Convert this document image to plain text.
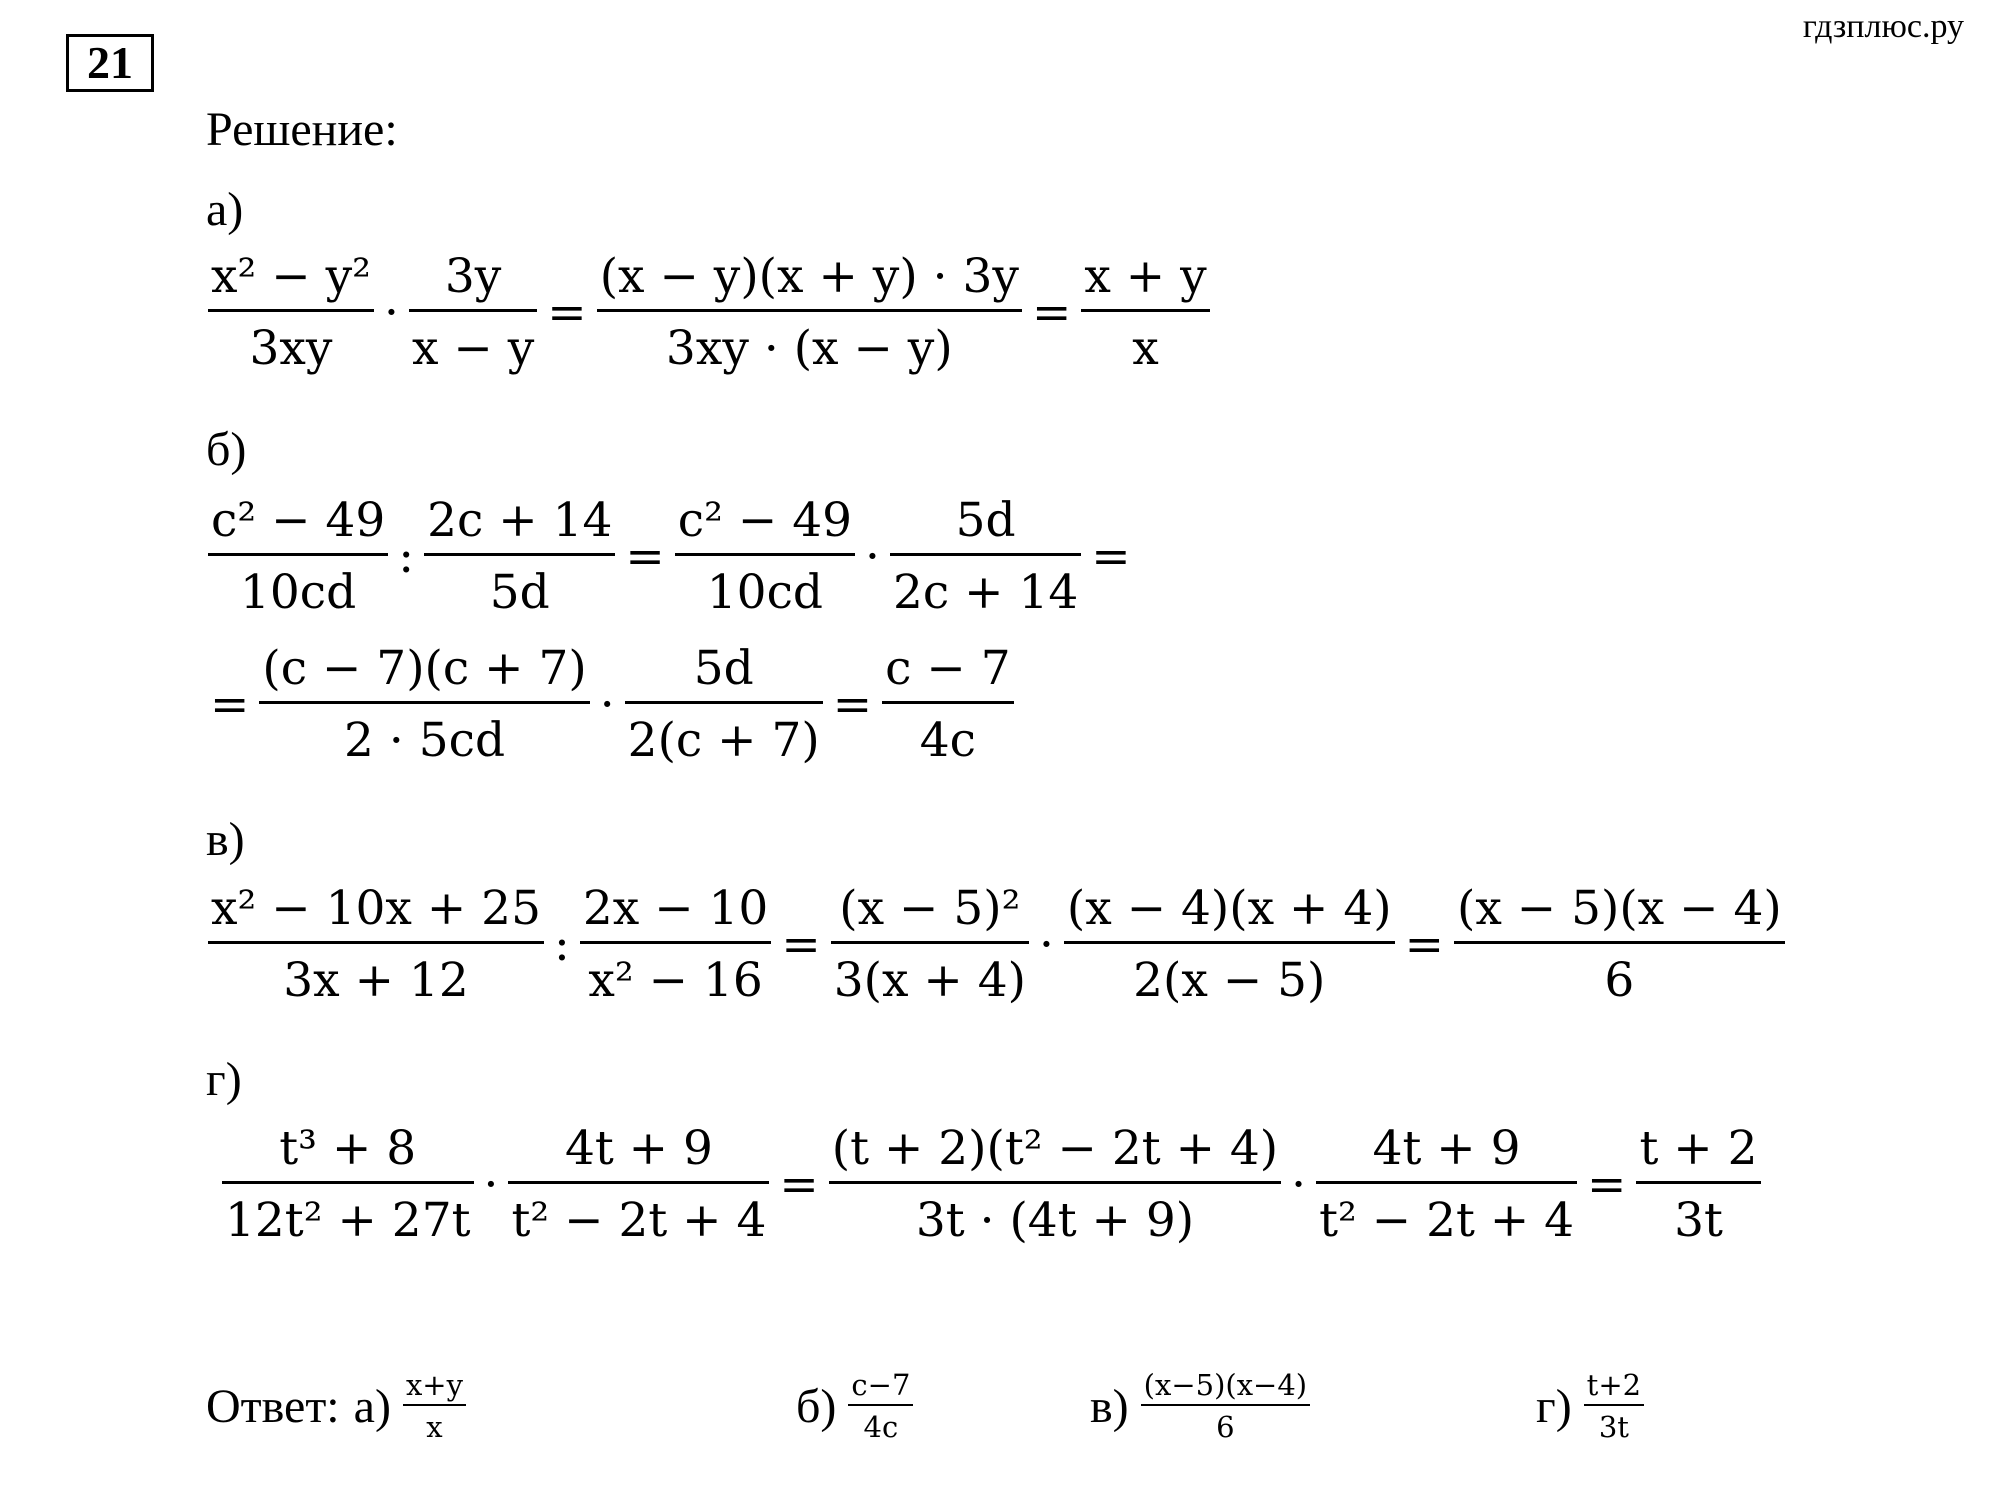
21
гдзплюс.ру
Решение:
а)
$\frac{\text{x² − y²}}{3xy} \cdot \frac{3y}{x - y} = \frac{(x - y)(x + y) \cdot 3y}{3xy \cdot (x - y)} = \frac{x + y}{x}$
б)
$\frac{\text{c² − 49}}{10cd}$ : $\frac{2c + 14}{5d} = \frac{\text{c² − 49}}{10cd} \cdot \frac{5d}{2c + 14}$ =
= $\frac{(c - 7)(c + 7)}{2 \cdot 5cd} \cdot \frac{5d}{2(c + 7)} = \frac{c - 7}{4c}$
в)
$\frac{\text{x² − 10x + 25}}{3x + 12}$ : $\frac{2x - 10}{\text{x² − 16}} = \frac{\text{(x − 5)²}}{3(x + 4)} \cdot \frac{(x - 4)(x + 4)}{2(x - 5)} = \frac{(x - 5)(x - 4)}{6}$
г)
$\frac{\text{t³ + 8}}{\text{12t² + 27t}} \cdot \frac{4t + 9}{\text{t² − 2t + 4}} = \frac{\text{(t + 2)(t² − 2t + 4)}}{3t \cdot (4t + 9)} \cdot \frac{4t + 9}{\text{t² − 2t + 4}} = \frac{t + 2}{3t}$
Ответ: $а) \frac{x+y}{x}$	$б) \frac{c-7}{4c}$	$в) \frac{(x-5)(x-4)}{6}$	$г) \frac{t+2}{3t}$
